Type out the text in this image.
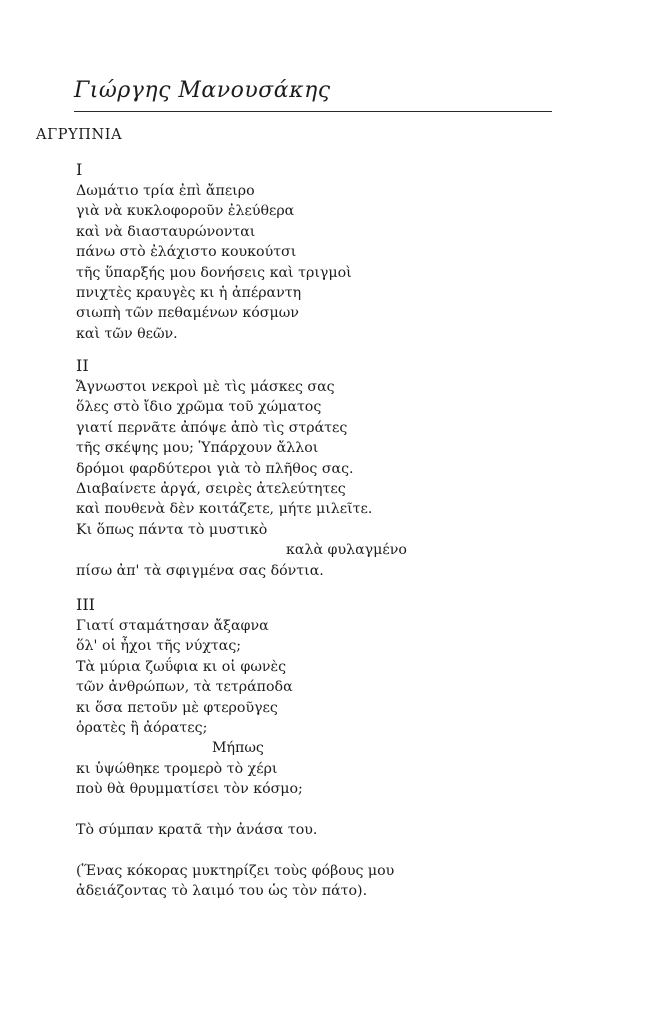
Γιώργης Μανουσάκης
ΑΓΡΥΠΝΙΑ
I
Δωμάτιο τρία ἐπὶ ἄπειρο
γιὰ νὰ κυκλοφοροῦν ἐλεύθερα
καὶ νὰ διασταυρώνονται
πάνω στὸ ἐλάχιστο κουκούτσι
τῆς ὕπαρξής μου δονήσεις καὶ τριγμοὶ
πνιχτὲς κραυγὲς κι ἡ ἀπέραντη
σιωπὴ τῶν πεθαμένων κόσμων
καὶ τῶν θεῶν.
II
Ἄγνωστοι νεκροὶ μὲ τὶς μάσκες σας
ὅλες στὸ ἴδιο χρῶμα τοῦ χώματος
γιατί περνᾶτε ἀπόψε ἀπὸ τὶς στράτες
τῆς σκέψης μου; Ὑπάρχουν ἄλλοι
δρόμοι φαρδύτεροι γιὰ τὸ πλῆθος σας.
Διαβαίνετε ἀργά, σειρὲς ἀτελεύτητες
καὶ πουθενὰ δὲν κοιτάζετε, μήτε μιλεῖτε.
Κι ὅπως πάντα τὸ μυστικὸ
καλὰ φυλαγμένο
πίσω ἀπ' τὰ σφιγμένα σας δόντια.
III
Γιατί σταμάτησαν ἄξαφνα
ὅλ' οἱ ἦχοι τῆς νύχτας;
Τὰ μύρια ζωΰφια κι οἱ φωνὲς
τῶν ἀνθρώπων, τὰ τετράποδα
κι ὅσα πετοῦν μὲ φτεροῦγες
ὁρατὲς ἢ ἀόρατες;
Μήπως
κι ὑψώθηκε τρομερὸ τὸ χέρι
ποὺ θὰ θρυμματίσει τὸν κόσμο;
Τὸ σύμπαν κρατᾶ τὴν ἀνάσα του.
(Ἕνας κόκορας μυκτηρίζει τοὺς φόβους μου
ἀδειάζοντας τὸ λαιμό του ὡς τὸν πάτο).
